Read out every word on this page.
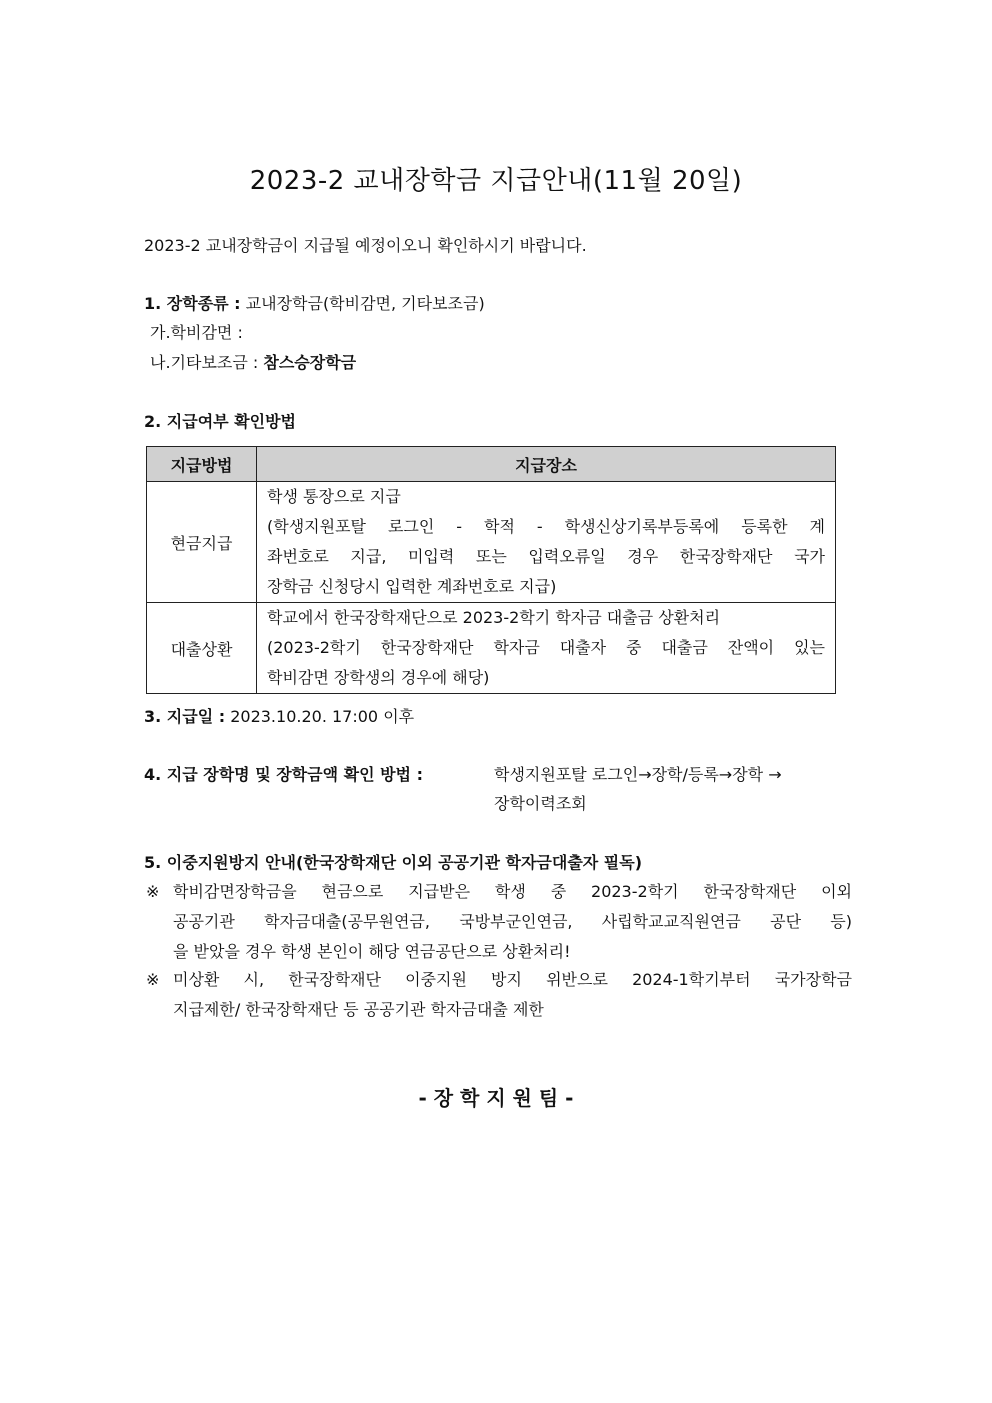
2023-2 교내장학금 지급안내(11월 20일)
2023-2 교내장학금이 지급될 예정이오니 확인하시기 바랍니다.
1. 장학종류 : 교내장학금(학비감면, 기타보조금)
가.학비감면 :
나.기타보조금 : 참스승장학금
2. 지급여부 확인방법
지급방법	지급장소
현금지급	학생 통장으로 지급
(학생지원포탈 로그인 - 학적 - 학생신상기록부등록에 등록한 계
좌번호로 지급, 미입력 또는 입력오류일 경우 한국장학재단 국가
장학금 신청당시 입력한 계좌번호로 지급)

대출상환	학교에서 한국장학재단으로 2023-2학기 학자금 대출금 상환처리
(2023-2학기 한국장학재단 학자금 대출자 중 대출금 잔액이 있는
학비감면 장학생의 경우에 해당)
3. 지급일 : 2023.10.20. 17:00 이후
4. 지급 장학명 및 장학금액 확인 방법 :	학생지원포탈 로그인→장학/등록→장학 →
장학이력조회
5. 이중지원방지 안내(한국장학재단 이외 공공기관 학자금대출자 필독)
※ 학비감면장학금을 현금으로 지급받은 학생 중 2023-2학기 한국장학재단 이외
공공기관 학자금대출(공무원연금, 국방부군인연금, 사립학교교직원연금 공단 등)
을 받았을 경우 학생 본인이 해당 연금공단으로 상환처리!
※ 미상환 시, 한국장학재단 이중지원 방지 위반으로 2024-1학기부터 국가장학금
지급제한/ 한국장학재단 등 공공기관 학자금대출 제한
- 장 학 지 원 팀 -
